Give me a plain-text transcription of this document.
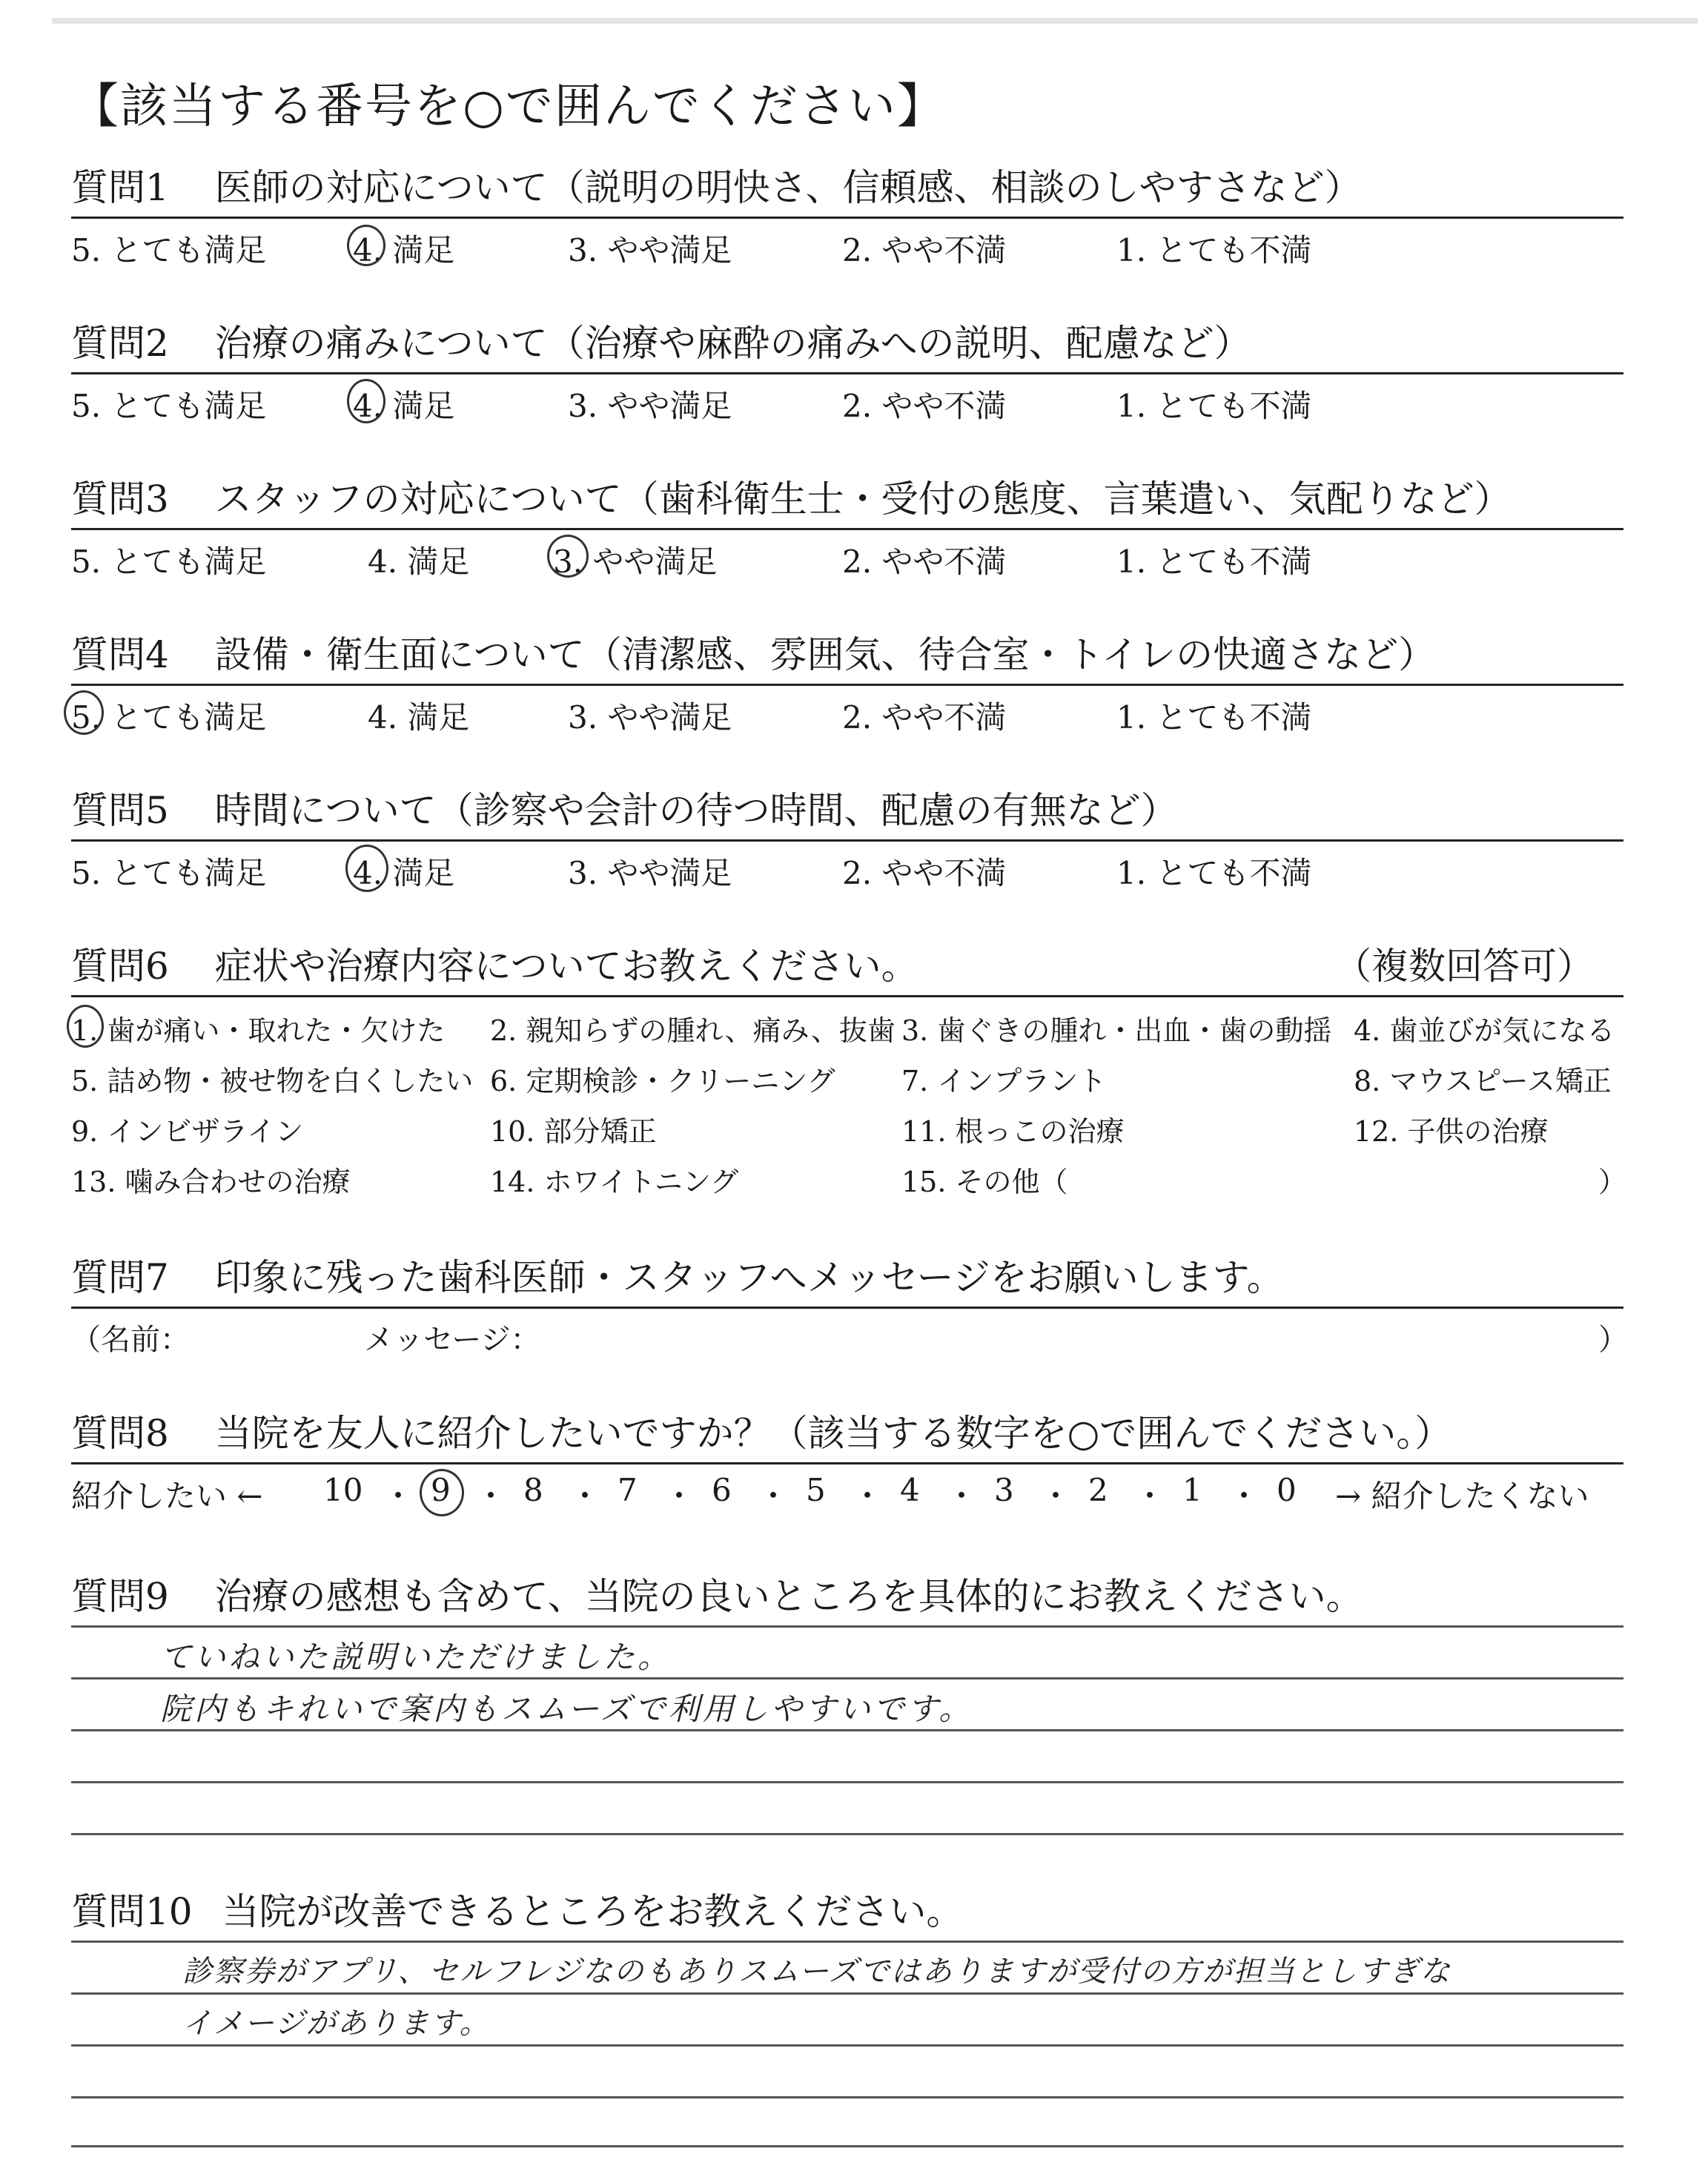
【該当する番号を○で囲んでください】
質問1 医師の対応について（説明の明快さ、信頼感、相談のしやすさなど）
5. とても満足	4. 満足	3. やや満足	2. やや不満	1. とても不満
質問2 治療の痛みについて（治療や麻酔の痛みへの説明、配慮など）
5. とても満足	4. 満足	3. やや満足	2. やや不満	1. とても不満
質問3 スタッフの対応について（歯科衛生士・受付の態度、言葉遣い、気配りなど）
5. とても満足	4. 満足	3. やや満足	2. やや不満	1. とても不満
質問4 設備・衛生面について（清潔感、雰囲気、待合室・トイレの快適さなど）
5. とても満足	4. 満足	3. やや満足	2. やや不満	1. とても不満
質問5 時間について（診察や会計の待つ時間、配慮の有無など）
5. とても満足	4. 満足	3. やや満足	2. やや不満	1. とても不満
質問6 症状や治療内容についてお教えください。	（複数回答可）
1. 歯が痛い・取れた・欠けた 2. 親知らずの腫れ、痛み、抜歯 3. 歯ぐきの腫れ・出血・歯の動揺 4. 歯並びが気になる
5. 詰め物・被せ物を白くしたい 6. 定期検診・クリーニング 7. インプラント	8. マウスピース矯正
9. インビザライン	10. 部分矯正	11. 根っこの治療	12. 子供の治療
13. 噛み合わせの治療	14. ホワイトニング	15. その他（	）
質問7 印象に残った歯科医師・スタッフへメッセージをお願いします。
（名前：	メッセージ：	）
質問8 当院を友人に紹介したいですか？（該当する数字を○で囲んでください。）
紹介したい ← 10 ・ 9 ・ 8 ・ 7 ・ 6 ・ 5 ・ 4 ・ 3 ・ 2 ・ 1 ・ 0 → 紹介したくない
質問9 治療の感想も含めて、当院の良いところを具体的にお教えください。
ていねいた説明いただけました。
院内もキれいで案内もスムーズで利用しやすいです。
質問10 当院が改善できるところをお教えください。
診察券がアプリ、セルフレジなのもありスムーズではありますが受付の方が担当としすぎな
イメージがあります。
